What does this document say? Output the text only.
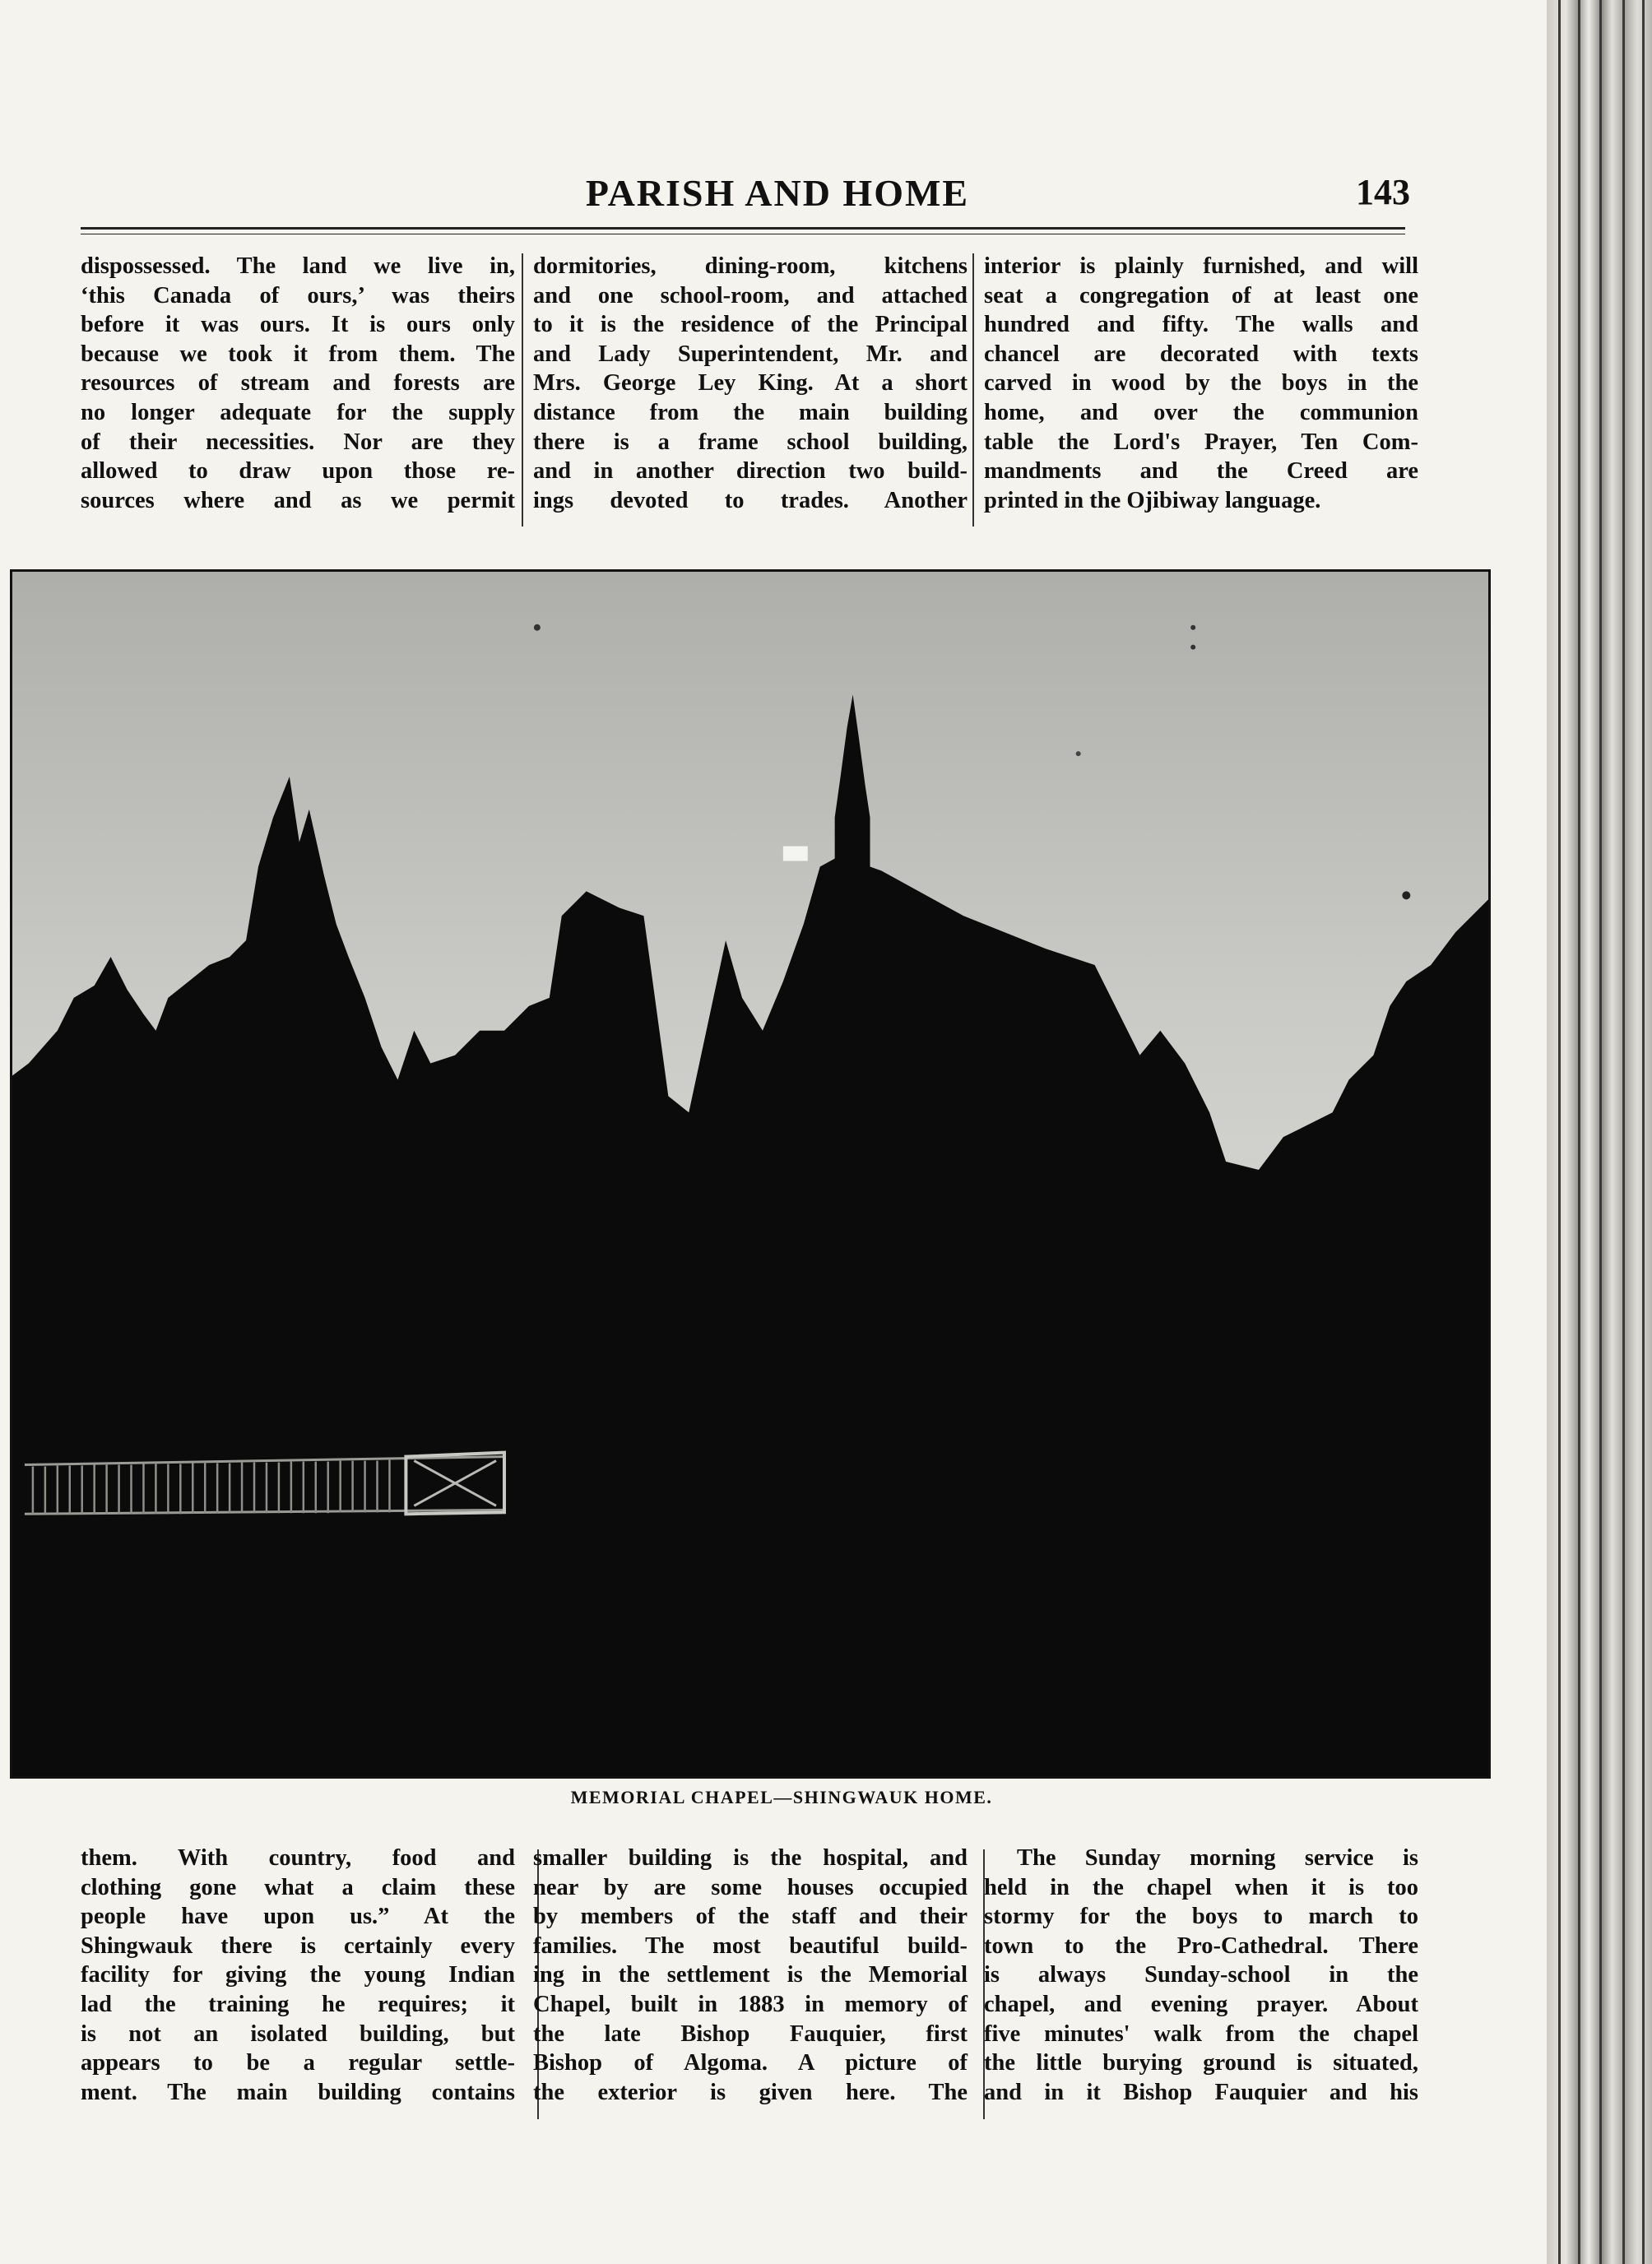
PARISH AND HOME	143
dispossessed. The land we live in,
‘this Canada of ours,’ was theirs
before it was ours. It is ours only
because we took it from them. The
resources of stream and forests are
no longer adequate for the supply
of their necessities. Nor are they
allowed to draw upon those re-
sources where and as we permit
dormitories, dining-room, kitchens
and one school-room, and attached
to it is the residence of the Principal
and Lady Superintendent, Mr. and
Mrs. George Ley King. At a short
distance from the main building
there is a frame school building,
and in another direction two build-
ings devoted to trades. Another
interior is plainly furnished, and will
seat a congregation of at least one
hundred and fifty. The walls and
chancel are decorated with texts
carved in wood by the boys in the
home, and over the communion
table the Lord's Prayer, Ten Com-
mandments and the Creed are
printed in the Ojibiway language.
MEMORIAL CHAPEL—SHINGWAUK HOME.
them. With country, food and
clothing gone what a claim these
people have upon us.” At the
Shingwauk there is certainly every
facility for giving the young Indian
lad the training he requires; it
is not an isolated building, but
appears to be a regular settle-
ment. The main building contains
smaller building is the hospital, and
near by are some houses occupied
by members of the staff and their
families. The most beautiful build-
ing in the settlement is the Memorial
Chapel, built in 1883 in memory of
the late Bishop Fauquier, first
Bishop of Algoma. A picture of
the exterior is given here. The
The Sunday morning service is
held in the chapel when it is too
stormy for the boys to march to
town to the Pro-Cathedral. There
is always Sunday-school in the
chapel, and evening prayer. About
five minutes' walk from the chapel
the little burying ground is situated,
and in it Bishop Fauquier and his
